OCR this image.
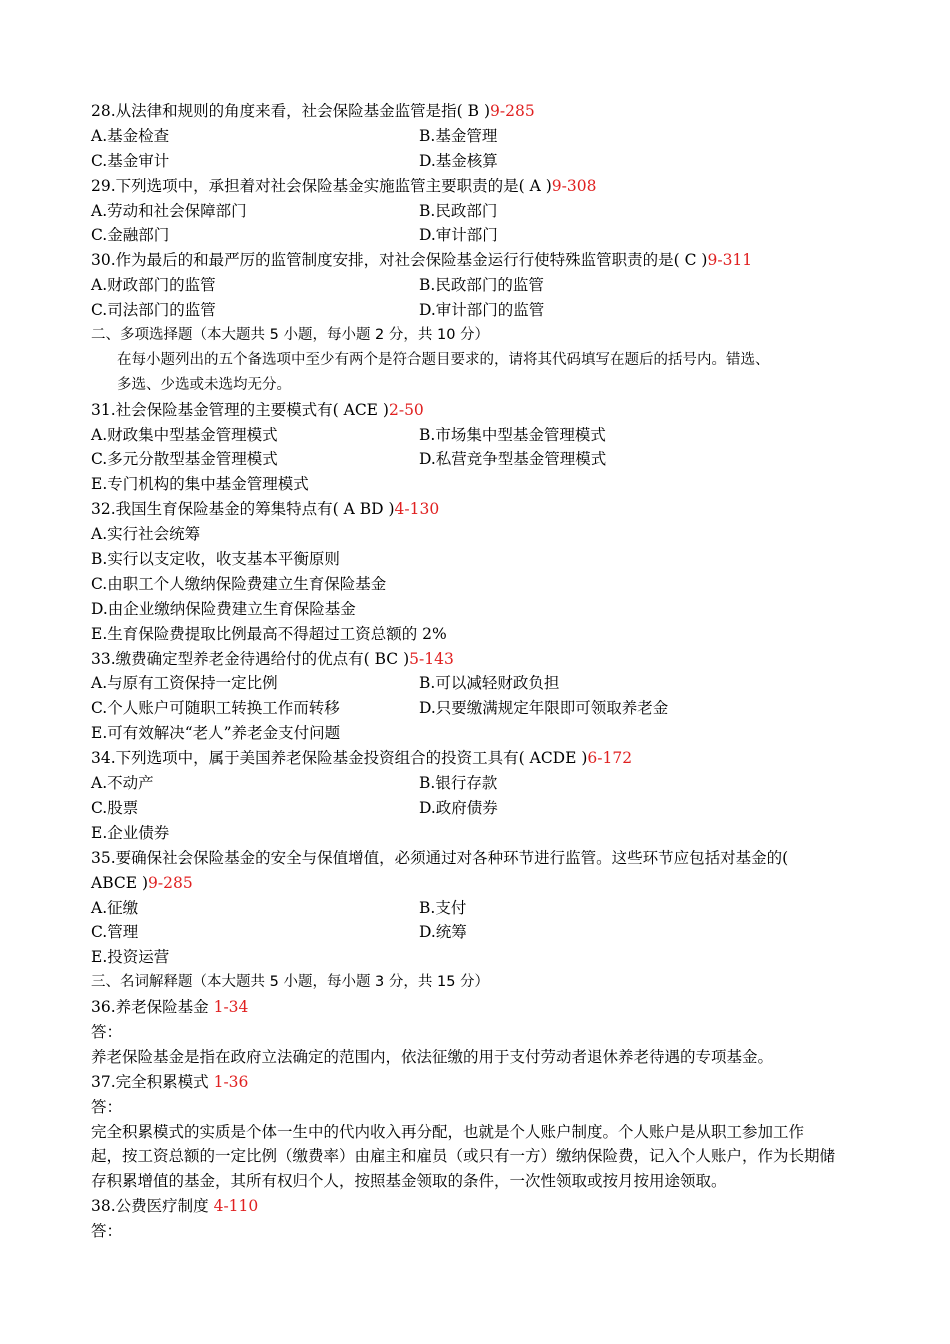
28.从法律和规则的角度来看，社会保险基金监管是指( B )9-285
A.基金检查	B.基金管理
C.基金审计	D.基金核算
29.下列选项中，承担着对社会保险基金实施监管主要职责的是( A )9-308
A.劳动和社会保障部门	B.民政部门
C.金融部门	D.审计部门
30.作为最后的和最严厉的监管制度安排，对社会保险基金运行行使特殊监管职责的是( C )9-311
A.财政部门的监管	B.民政部门的监管
C.司法部门的监管	D.审计部门的监管
二、多项选择题（本大题共 5 小题，每小题 2 分，共 10 分）
在每小题列出的五个备选项中至少有两个是符合题目要求的，请将其代码填写在题后的括号内。错选、
多选、少选或未选均无分。
31.社会保险基金管理的主要模式有( ACE )2-50
A.财政集中型基金管理模式	B.市场集中型基金管理模式
C.多元分散型基金管理模式	D.私营竞争型基金管理模式
E.专门机构的集中基金管理模式
32.我国生育保险基金的筹集特点有( A BD )4-130
A.实行社会统筹
B.实行以支定收，收支基本平衡原则
C.由职工个人缴纳保险费建立生育保险基金
D.由企业缴纳保险费建立生育保险基金
E.生育保险费提取比例最高不得超过工资总额的 2%
33.缴费确定型养老金待遇给付的优点有( BC )5-143
A.与原有工资保持一定比例	B.可以减轻财政负担
C.个人账户可随职工转换工作而转移	D.只要缴满规定年限即可领取养老金
E.可有效解决“老人”养老金支付问题
34.下列选项中，属于美国养老保险基金投资组合的投资工具有( ACDE )6-172
A.不动产	B.银行存款
C.股票	D.政府债券
E.企业债券
35.要确保社会保险基金的安全与保值增值，必须通过对各种环节进行监管。这些环节应包括对基金的(
ABCE )9-285
A.征缴	B.支付
C.管理	D.统筹
E.投资运营
三、名词解释题（本大题共 5 小题，每小题 3 分，共 15 分）
36.养老保险基金 1-34
答：
养老保险基金是指在政府立法确定的范围内，依法征缴的用于支付劳动者退休养老待遇的专项基金。
37.完全积累模式 1-36
答：
完全积累模式的实质是个体一生中的代内收入再分配，也就是个人账户制度。个人账户是从职工参加工作
起，按工资总额的一定比例（缴费率）由雇主和雇员（或只有一方）缴纳保险费，记入个人账户，作为长期储
存积累增值的基金，其所有权归个人，按照基金领取的条件，一次性领取或按月按用途领取。
38.公费医疗制度 4-110
答：
